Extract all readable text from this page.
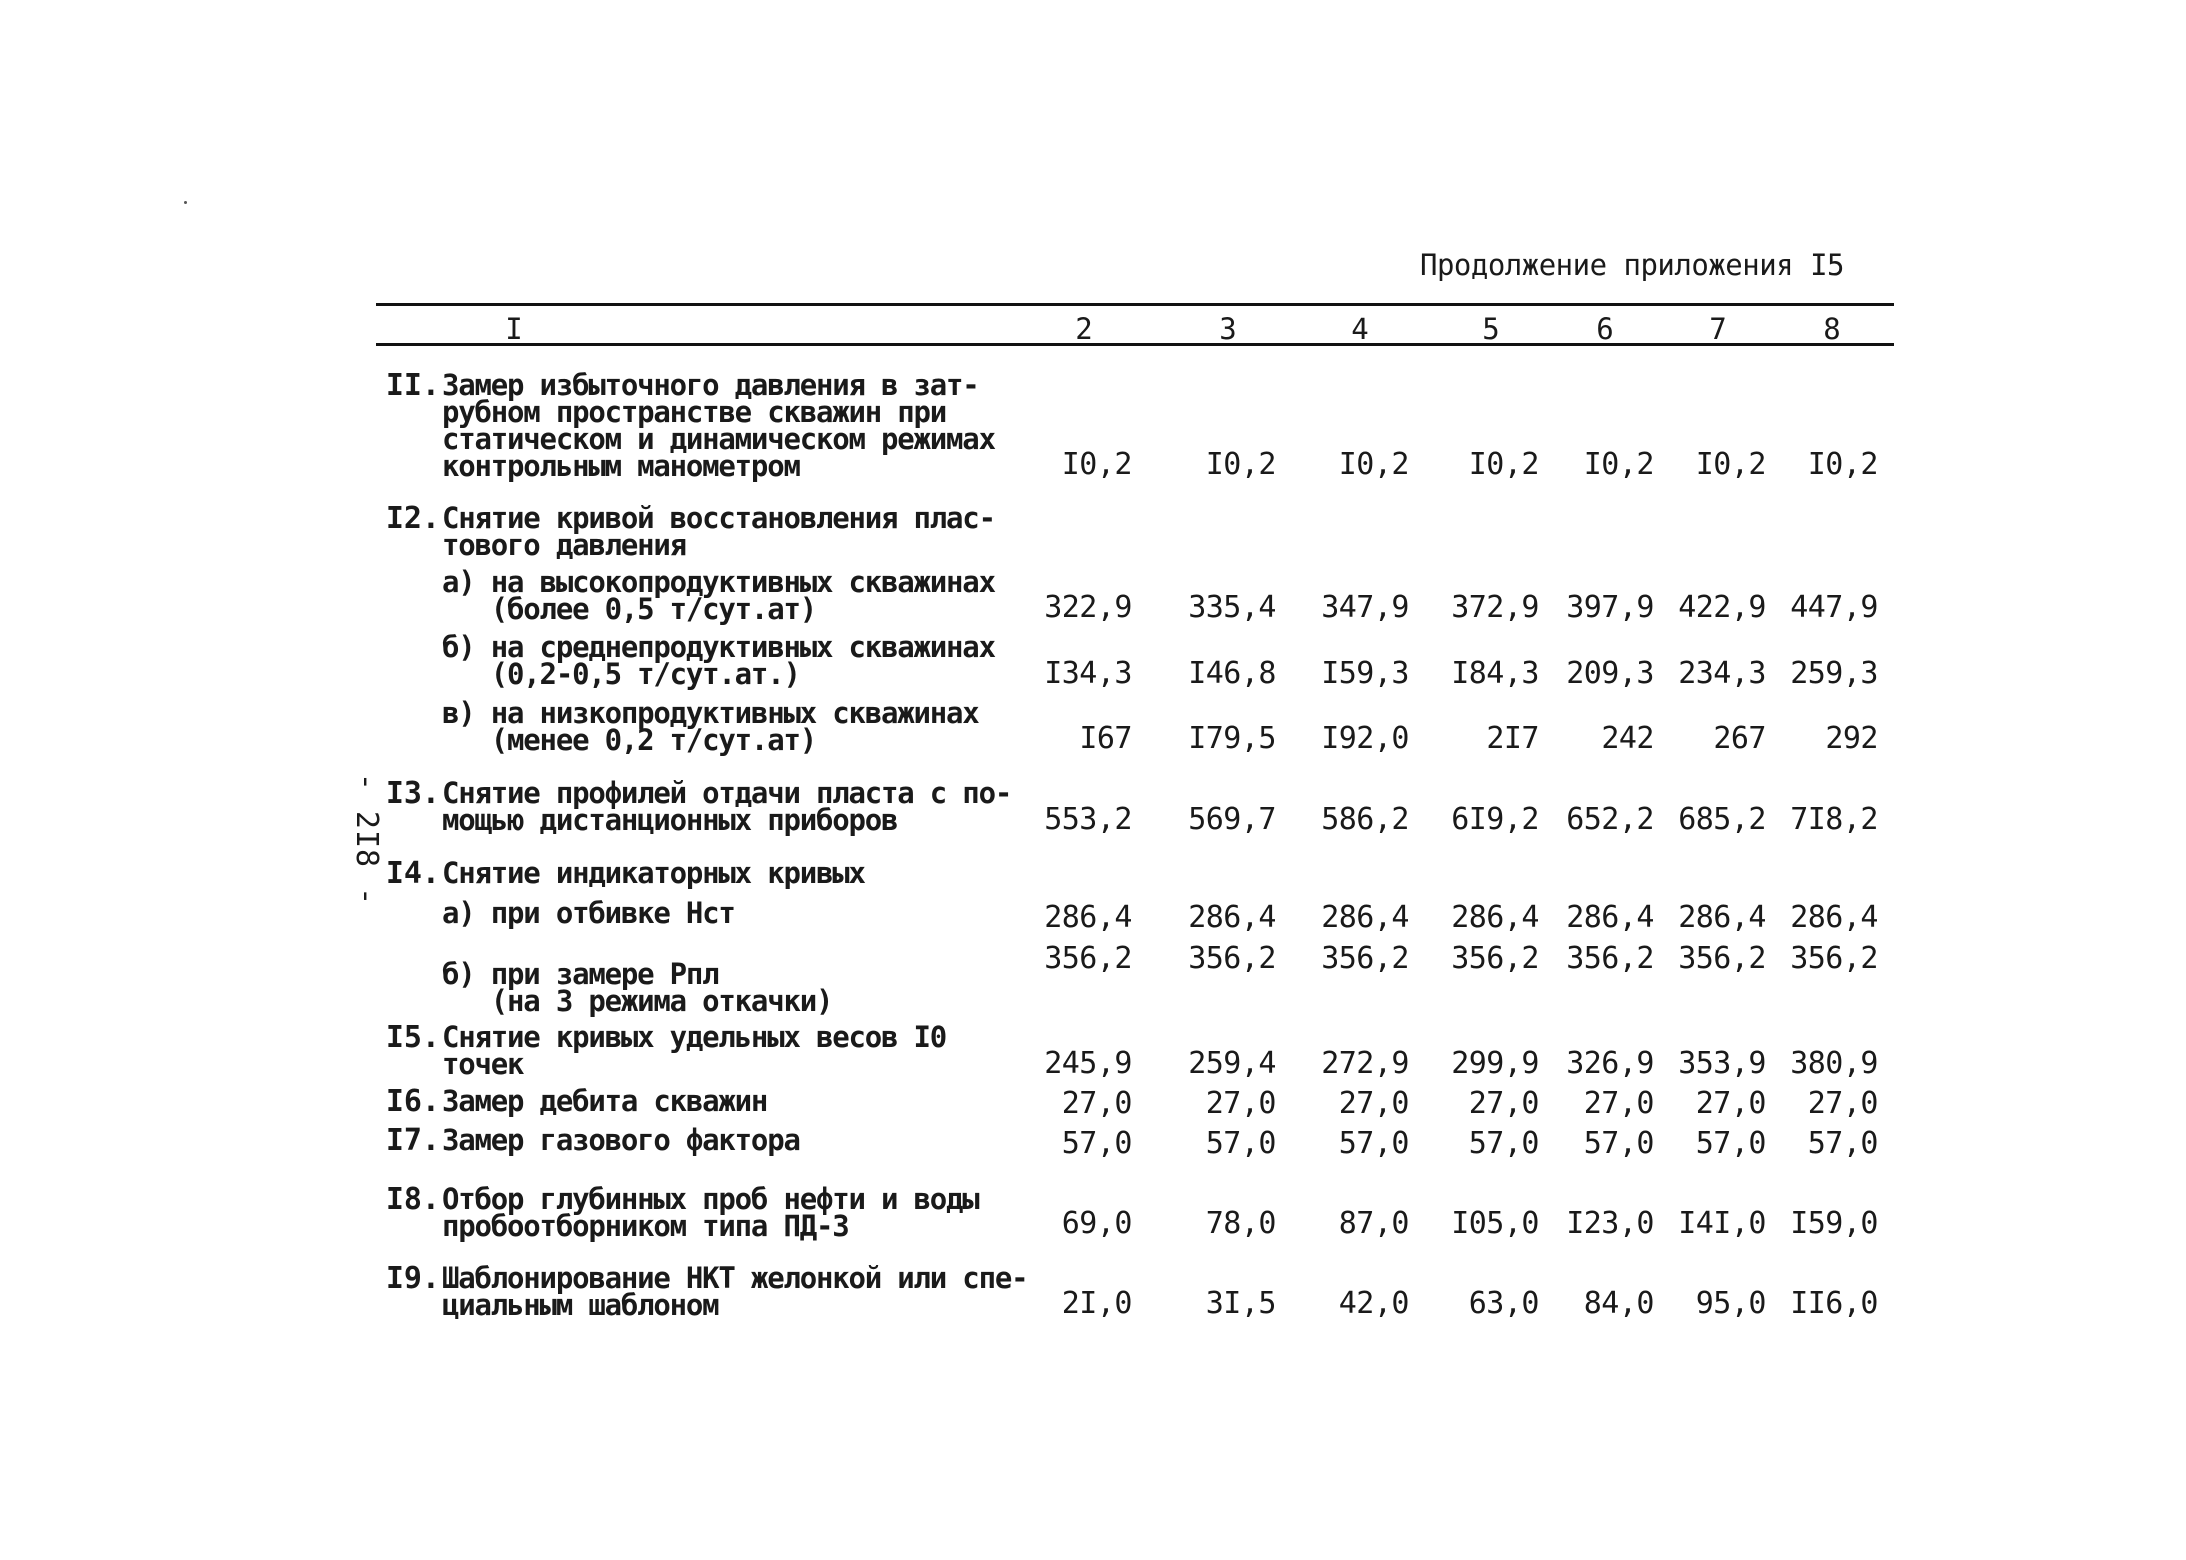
Продолжение приложения I5
I	2	3	4	5	6	7	8
II. Замер избыточного давления в зат-
рубном пространстве скважин при
статическом и динамическом режимах
контрольным манометром	I0,2 I0,2 I0,2 I0,2 I0,2 I0,2 I0,2
I2. Снятие кривой восстановления плас-
тового давления
а) на высокопродуктивных скважинах
(более 0,5 т/сут.ат)	322,9 335,4 347,9 372,9 397,9 422,9 447,9
б) на среднепродуктивных скважинах
(0,2-0,5 т/сут.ат.)	I34,3 I46,8 I59,3 I84,3 209,3 234,3 259,3
в) на низкопродуктивных скважинах
(менее 0,2 т/сут.ат)	I67 I79,5 I92,0	2I7 242 267 292
I3. Снятие профилей отдачи пласта с по-
мощью дистанционных приборов	553,2 569,7 586,2 6I9,2 652,2 685,2 7I8,2
I4. Снятие индикаторных кривых
а) при отбивке Нст	286,4 286,4 286,4 286,4 286,4 286,4 286,4
б) при замере Рпл
(на 3 режима откачки)
356,2 356,2 356,2 356,2 356,2 356,2 356,2
I5. Снятие кривых удельных весов I0
точек	245,9 259,4 272,9 299,9 326,9 353,9 380,9
I6. Замер дебита скважин	27,0 27,0 27,0 27,0 27,0 27,0 27,0
I7. Замер газового фактора	57,0 57,0 57,0 57,0 57,0 57,0 57,0
I8. Отбор глубинных проб нефти и воды
пробоотборником типа ПД-3	69,0 78,0 87,0 I05,0 I23,0 I4I,0 I59,0
I9. Шаблонирование НКТ желонкой или спе-
циальным шаблоном	2I,0 3I,5 42,0 63,0 84,0 95,0 II6,0
- 2I8 -
